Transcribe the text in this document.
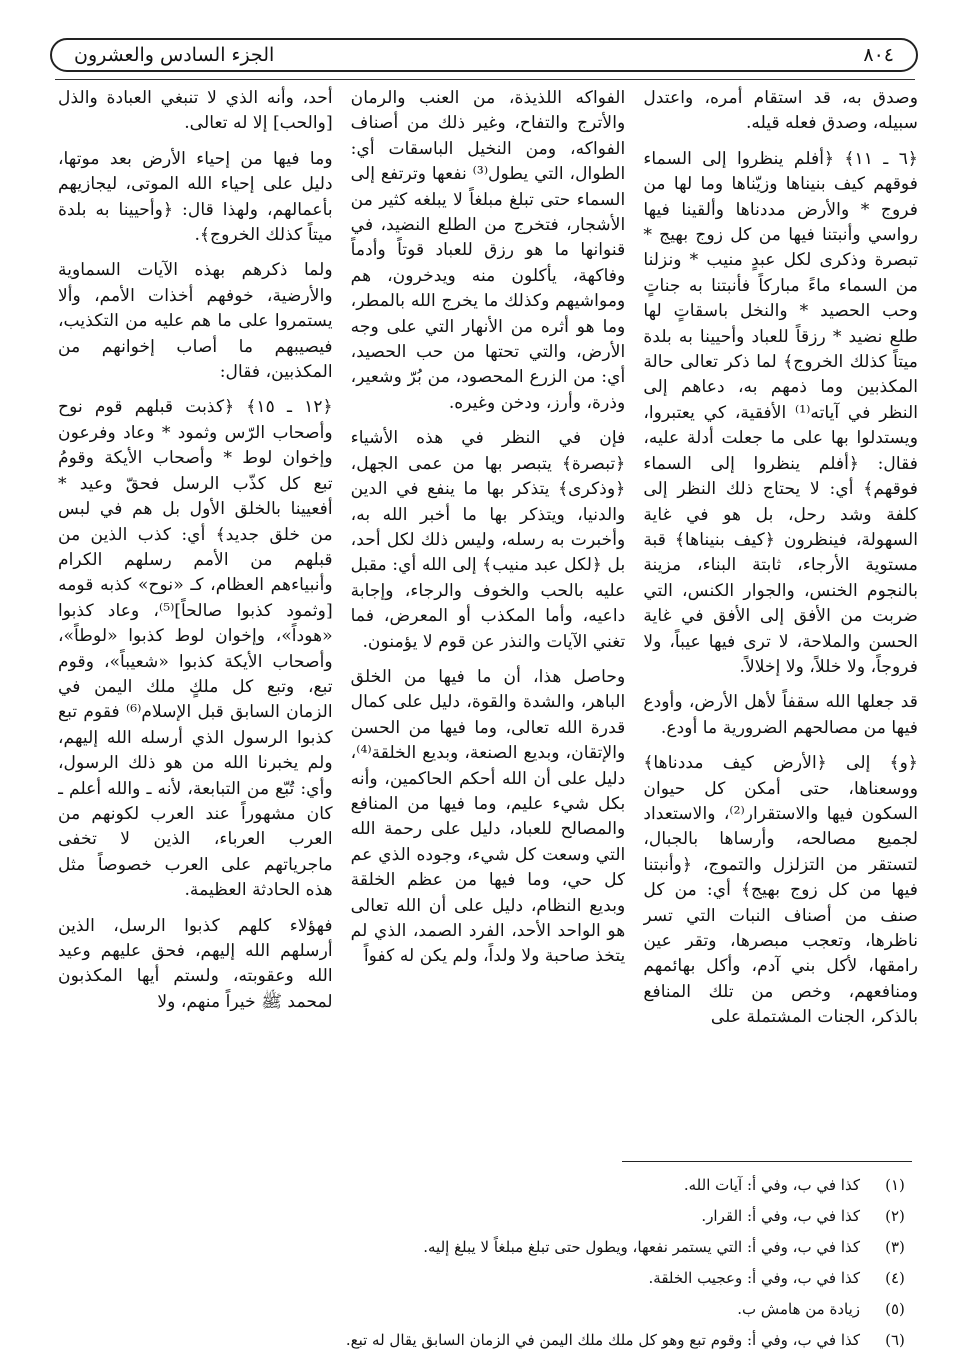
٨٠٤
الجزء السادس والعشرون

وصدق به، قد استقام أمره، واعتدل سبيله، وصدق فعله قيله.

﴿٦ ـ ١١﴾ ﴿أفلم ينظروا إلى السماء فوقهم كيف بنيناها وزيّناها وما لها من فروج * والأرض مددناها وألقينا فيها رواسي وأنبتنا فيها من كل زوج بهيج * تبصرة وذكرى لكل عبدٍ منيب * ونزلنا من السماء ماءً مباركاً فأنبتنا به جناتٍ وحب الحصيد * والنخل باسقاتٍ لها طلع نضيد * رزقاً للعباد وأحيينا به بلدة ميتاً كذلك الخروج﴾ لما ذكر تعالى حالة المكذبين وما ذمهم به، دعاهم إلى النظر في آياته⁽¹⁾ الأفقية، كي يعتبروا، ويستدلوا بها على ما جعلت أدلة عليه، فقال: ﴿أفلم ينظروا إلى السماء فوقهم﴾ أي: لا يحتاج ذلك النظر إلى كلفة وشد رحل، بل هو في غاية السهولة، فينظرون ﴿كيف بنيناها﴾ قبة مستوية الأرجاء، ثابتة البناء، مزينة بالنجوم الخنس، والجوار الكنس، التي ضربت من الأفق إلى الأفق في غاية الحسن والملاحة، لا ترى فيها عيباً، ولا فروجاً، ولا خللاً، ولا إخلالاً.

قد جعلها الله سقفاً لأهل الأرض، وأودع فيها من مصالحهم الضرورية ما أودع.

﴿و﴾ إلى ﴿الأرض كيف مددناها﴾ ووسعناها، حتى أمكن كل حيوان السكون فيها والاستقرار⁽²⁾، والاستعداد لجميع مصالحه، وأرساها بالجبال، لتستقر من التزلزل والتموج، ﴿وأنبتنا فيها من كل زوج بهيج﴾ أي: من كل صنف من أصناف النبات التي تسر ناظرها، وتعجب مبصرها، وتقر عين رامقها، لأكل بني آدم، وأكل بهائمهم ومنافعهم، وخص من تلك المنافع بالذكر، الجنات المشتملة على

الفواكه اللذيذة، من العنب والرمان والأترج والتفاح، وغير ذلك من أصناف الفواكه، ومن النخيل الباسقات أي: الطوال، التي يطول⁽³⁾ نفعها وترتفع إلى السماء حتى تبلغ مبلغاً لا يبلغه كثير من الأشجار، فتخرج من الطلع النضيد، في قنوانها ما هو رزق للعباد قوتاً وأدماً وفاكهة، يأكلون منه ويدخرون، هم ومواشيهم وكذلك ما يخرج الله بالمطر، وما هو أثره من الأنهار التي على وجه الأرض، والتي تحتها من حب الحصيد، أي: من الزرع المحصود، من بُرّ وشعير، وذرة، وأرز، ودخن وغيره.

فإن في النظر في هذه الأشياء ﴿تبصرة﴾ يتبصر بها من عمى الجهل، ﴿وذكرى﴾ يتذكر بها ما ينفع في الدين والدنيا، ويتذكر بها ما أخبر الله به، وأخبرت به رسله، وليس ذلك لكل أحد، بل ﴿لكل عبد منيب﴾ إلى الله أي: مقبل عليه بالحب والخوف والرجاء، وإجابة داعيه، وأما المكذب أو المعرض، فما تغني الآيات والنذر عن قوم لا يؤمنون.

وحاصل هذا، أن ما فيها من الخلق الباهر، والشدة والقوة، دليل على كمال قدرة الله تعالى، وما فيها من الحسن والإتقان، وبديع الصنعة، وبديع الخلقة⁽⁴⁾، دليل على أن الله أحكم الحاكمين، وأنه بكل شيء عليم، وما فيها من المنافع والمصالح للعباد، دليل على رحمة الله التي وسعت كل شيء، وجوده الذي عم كل حي، وما فيها من عظم الخلقة وبديع النظام، دليل على أن الله تعالى هو الواحد الأحد، الفرد الصمد، الذي لم يتخذ صاحبة ولا ولداً، ولم يكن له كفواً

أحد، وأنه الذي لا تنبغي العبادة والذل [والحب] إلا له تعالى.

وما فيها من إحياء الأرض بعد موتها، دليل على إحياء الله الموتى، ليجازيهم بأعمالهم، ولهذا قال: ﴿وأحيينا به بلدة ميتاً كذلك الخروج﴾.

ولما ذكرهم بهذه الآيات السماوية والأرضية، خوفهم أخذات الأمم، وألا يستمروا على ما هم عليه من التكذيب، فيصيبهم ما أصاب إخوانهم من المكذبين، فقال:

﴿١٢ ـ ١٥﴾ ﴿كذبت قبلهم قوم نوح وأصحاب الرّس وثمود * وعاد وفرعون وإخوان لوط * وأصحاب الأيكة وقومُ تبع كل كذّب الرسل فحقّ وعيد * أفعيينا بالخلق الأول بل هم في لبس من خلق جديد﴾ أي: كذب الذين من قبلهم من الأمم رسلهم الكرام وأنبياءهم العظام، كـ «نوح» كذبه قومه [وثمود كذبوا صالحاً]⁽⁵⁾، وعاد كذبوا «هوداً»، وإخوان لوط كذبوا «لوطاً»، وأصحاب الأيكة كذبوا «شعيباً»، وقوم تبع، وتبع كل ملكٍ ملك اليمن في الزمان السابق قبل الإسلام⁽⁶⁾ فقوم تبع كذبوا الرسول الذي أرسله الله إليهم، ولم يخبرنا الله من هو ذلك الرسول، وأي: تُبّع من التبابعة، لأنه ـ والله أعلم ـ كان مشهوراً عند العرب لكونهم من العرب العرباء، الذين لا تخفى ماجرياتهم على العرب خصوصاً مثل هذه الحادثة العظيمة.

فهؤلاء كلهم كذبوا الرسل، الذين أرسلهم الله إليهم، فحق عليهم وعيد الله وعقوبته، ولستم أيها المكذبون لمحمد ﷺ خيراً منهم، ولا

(١)
كذا في ب، وفي أ: آيات الله.
(٢)
كذا في ب، وفي أ: القرار.
(٣)
كذا في ب، وفي أ: التي يستمر نفعها، ويطول حتى تبلغ مبلغاً لا يبلغ إليه.
(٤)
كذا في ب، وفي أ: وعجيب الخلقة.
(٥)
زيادة من هامش ب.
(٦)
كذا في ب، وفي أ: وقوم تبع وهو كل ملك ملك اليمن في الزمان السابق يقال له تبع.
